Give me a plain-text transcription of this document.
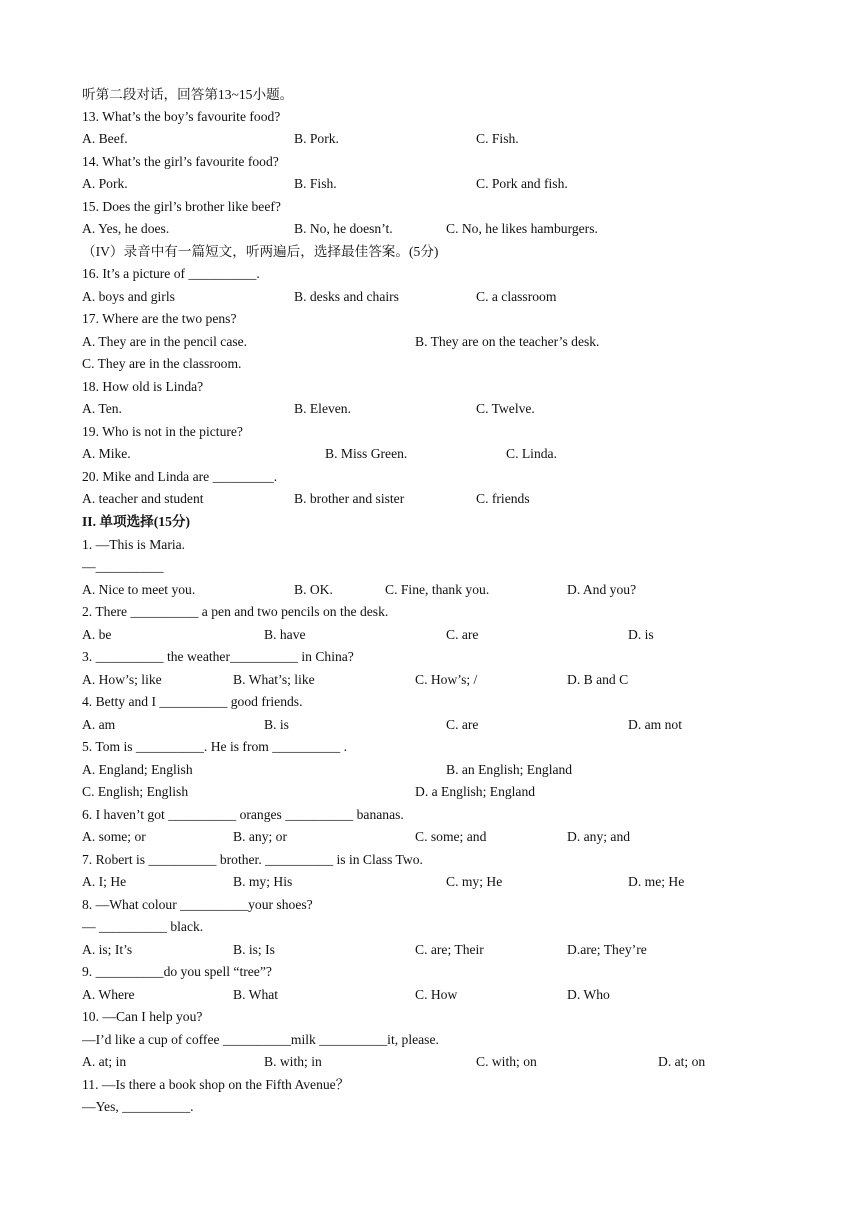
听第二段对话，回答第13~15小题。
13. What’s the boy’s favourite food?
A. Beef.	B. Pork.	C. Fish.
14. What’s the girl’s favourite food?
A. Pork.	B. Fish.	C. Pork and fish.
15. Does the girl’s brother like beef?
A. Yes, he does.	B. No, he doesn’t.	C. No, he likes hamburgers.
（IV）录音中有一篇短文，听两遍后，选择最佳答案。(5分)
16. It’s a picture of __________.
A. boys and girls	B. desks and chairs	C. a classroom
17. Where are the two pens?
A. They are in the pencil case.	B. They are on the teacher’s desk.
C. They are in the classroom.
18. How old is Linda?
A. Ten.	B. Eleven.	C. Twelve.
19. Who is not in the picture?
A. Mike.	B. Miss Green.	C. Linda.
20. Mike and Linda are _________.
A. teacher and student	B. brother and sister	C. friends
II. 单项选择(15分)
1. —This is Maria.
—__________
A. Nice to meet you.	B. OK.	C. Fine, thank you.	D. And you?
2. There __________ a pen and two pencils on the desk.
A. be	B. have	C. are	D. is
3. __________ the weather__________ in China?
A. How’s; like	B. What’s; like	C. How’s; /	D. B and C
4. Betty and I __________ good friends.
A. am	B. is	C. are	D. am not
5. Tom is __________. He is from __________ .
A. England; English	B. an English; England
C. English; English	D. a English; England
6. I haven’t got __________ oranges __________ bananas.
A. some; or	B. any; or	C. some; and	D. any; and
7. Robert is __________ brother. __________ is in Class Two.
A. I; He	B. my; His	C. my; He	D. me; He
8. —What colour __________your shoes?
— __________ black.
A. is; It’s	B. is; Is	C. are; Their	D.are; They’re
9. __________do you spell “tree”?
A. Where	B. What	C. How	D. Who
10. —Can I help you?
—I’d like a cup of coffee __________milk __________it, please.
A. at; in	B. with; in	C. with; on	D. at; on
11. —Is there a book shop on the Fifth Avenue？
—Yes, __________.
